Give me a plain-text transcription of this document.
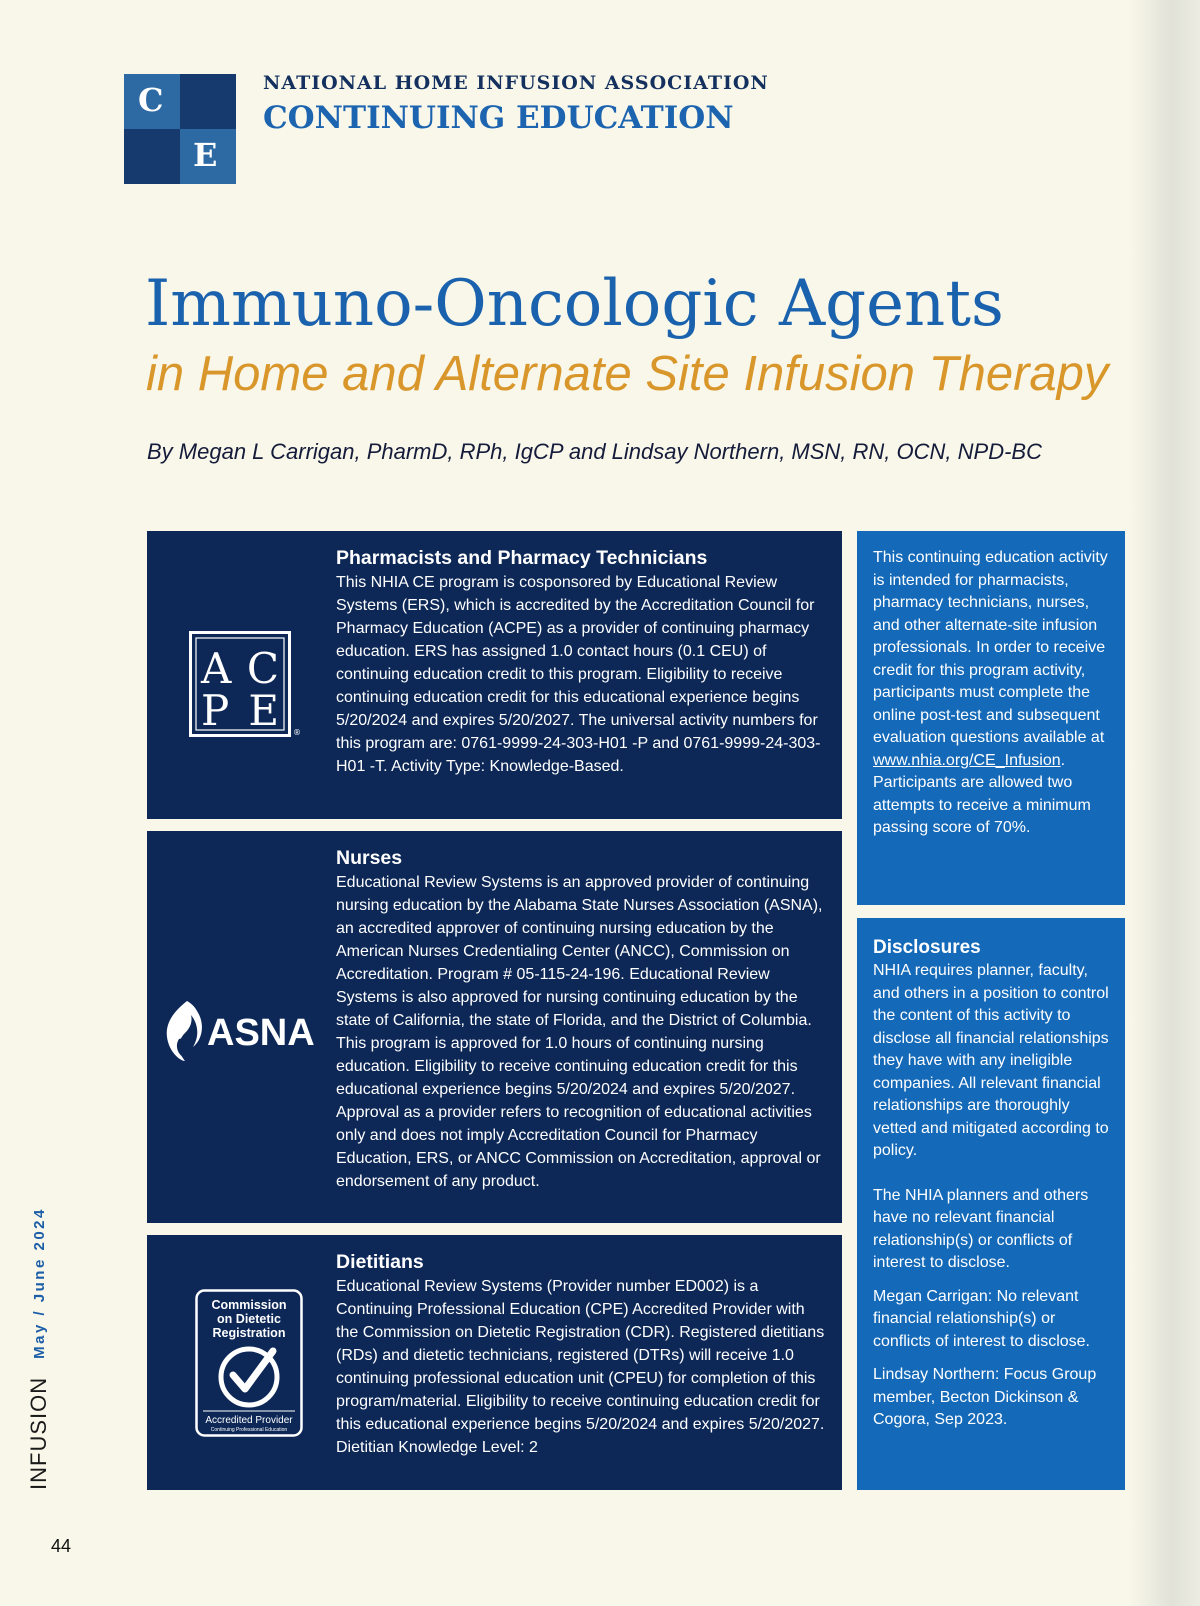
C
E
NATIONAL HOME INFUSION ASSOCIATION
CONTINUING EDUCATION
Immuno-Oncologic Agents
in Home and Alternate Site Infusion Therapy
By Megan L Carrigan, PharmD, RPh, IgCP and Lindsay Northern, MSN, RN, OCN, NPD-BC
AC
PE ®
Pharmacists and Pharmacy Technicians
This NHIA CE program is cosponsored by Educational Review Systems (ERS), which is accredited by the Accreditation Council for Pharmacy Education (ACPE) as a provider of continuing pharmacy education. ERS has assigned 1.0 contact hours (0.1 CEU) of continuing education credit to this program. Eligibility to receive continuing education credit for this educational experience begins 5/20/2024 and expires 5/20/2027. The universal activity numbers for this program are: 0761-9999-24-303-H01 -P and 0761-9999-24-303-H01 -T. Activity Type: Knowledge-Based.
ASNA
Nurses
Educational Review Systems is an approved provider of continuing nursing education by the Alabama State Nurses Association (ASNA), an accredited approver of continuing nursing education by the American Nurses Credentialing Center (ANCC), Commission on Accreditation. Program # 05-115-24-196. Educational Review Systems is also approved for nursing continuing education by the state of California, the state of Florida, and the District of Columbia. This program is approved for 1.0 hours of continuing nursing education. Eligibility to receive continuing education credit for this educational experience begins 5/20/2024 and expires 5/20/2027. Approval as a provider refers to recognition of educational activities only and does not imply Accreditation Council for Pharmacy Education, ERS, or ANCC Commission on Accreditation, approval or endorsement of any product.
Commission
on Dietetic
Registration
Accredited Provider
Continuing Professional Education
Dietitians
Educational Review Systems (Provider number ED002) is a Continuing Professional Education (CPE) Accredited Provider with the Commission on Dietetic Registration (CDR). Registered dietitians (RDs) and dietetic technicians, registered (DTRs) will receive 1.0 continuing professional education unit (CPEU) for completion of this program/material. Eligibility to receive continuing education credit for this educational experience begins 5/20/2024 and expires 5/20/2027. Dietitian Knowledge Level: 2

This continuing education activity is intended for pharmacists, pharmacy technicians, nurses, and other alternate-site infusion professionals. In order to receive credit for this program activity, participants must complete the online post-test and subsequent evaluation questions available at www.nhia.org/CE_Infusion. Participants are allowed two attempts to receive a minimum passing score of 70%.

Disclosures

NHIA requires planner, faculty, and others in a position to control the content of this activity to disclose all financial relationships they have with any ineligible companies. All relevant financial relationships are thoroughly vetted and mitigated according to policy.

The NHIA planners and others have no relevant financial relationship(s) or conflicts of interest to disclose.

Megan Carrigan: No relevant financial relationship(s) or conflicts of interest to disclose.

Lindsay Northern: Focus Group member, Becton Dickinson & Cogora, Sep 2023.

INFUSION
May / June 2024
44
